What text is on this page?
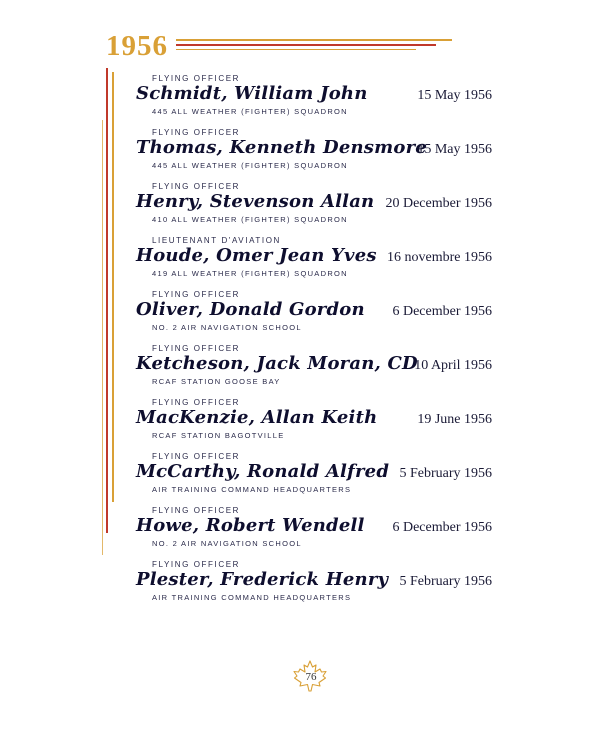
1956
FLYING OFFICER
Schmidt, William John
445 ALL WEATHER (FIGHTER) SQUADRON
15 May 1956
FLYING OFFICER
Thomas, Kenneth Densmore
445 ALL WEATHER (FIGHTER) SQUADRON
15 May 1956
FLYING OFFICER
Henry, Stevenson Allan
410 ALL WEATHER (FIGHTER) SQUADRON
20 December 1956
LIEUTENANT D'AVIATION
Houde, Omer Jean Yves
419 ALL WEATHER (FIGHTER) SQUADRON
16 novembre 1956
FLYING OFFICER
Oliver, Donald Gordon
NO. 2 AIR NAVIGATION SCHOOL
6 December 1956
FLYING OFFICER
Ketcheson, Jack Moran, CD
RCAF STATION GOOSE BAY
10 April 1956
FLYING OFFICER
MacKenzie, Allan Keith
RCAF STATION BAGOTVILLE
19 June 1956
FLYING OFFICER
McCarthy, Ronald Alfred
AIR TRAINING COMMAND HEADQUARTERS
5 February 1956
FLYING OFFICER
Howe, Robert Wendell
NO. 2 AIR NAVIGATION SCHOOL
6 December 1956
FLYING OFFICER
Plester, Frederick Henry
AIR TRAINING COMMAND HEADQUARTERS
5 February 1956
76
